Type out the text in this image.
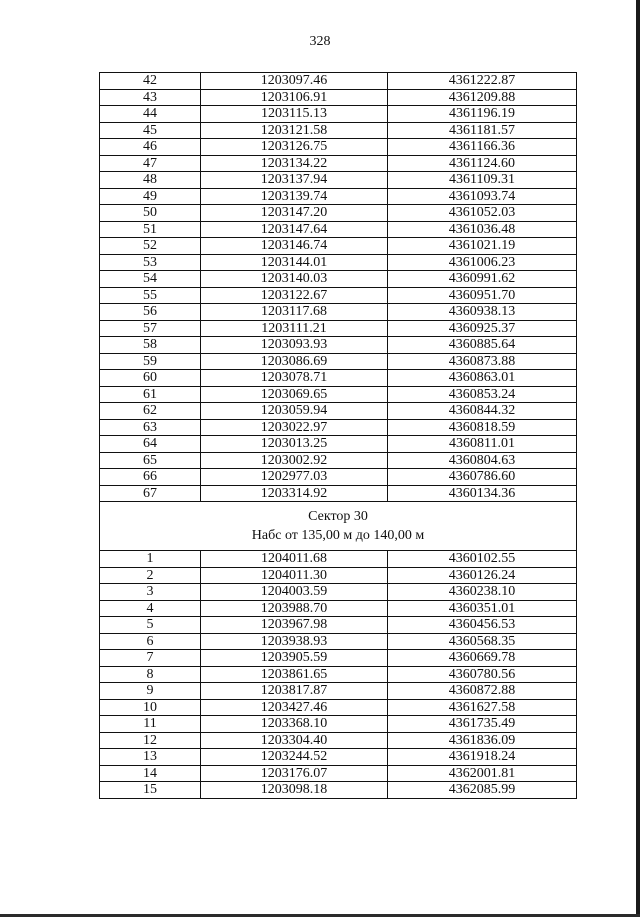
328
42	1203097.46	4361222.87
43	1203106.91	4361209.88
44	1203115.13	4361196.19
45	1203121.58	4361181.57
46	1203126.75	4361166.36
47	1203134.22	4361124.60
48	1203137.94	4361109.31
49	1203139.74	4361093.74
50	1203147.20	4361052.03
51	1203147.64	4361036.48
52	1203146.74	4361021.19
53	1203144.01	4361006.23
54	1203140.03	4360991.62
55	1203122.67	4360951.70
56	1203117.68	4360938.13
57	1203111.21	4360925.37
58	1203093.93	4360885.64
59	1203086.69	4360873.88
60	1203078.71	4360863.01
61	1203069.65	4360853.24
62	1203059.94	4360844.32
63	1203022.97	4360818.59
64	1203013.25	4360811.01
65	1203002.92	4360804.63
66	1202977.03	4360786.60
67	1203314.92	4360134.36

Сектор 30
Набс от 135,00 м до 140,00 м		

1	1204011.68	4360102.55
2	1204011.30	4360126.24
3	1204003.59	4360238.10
4	1203988.70	4360351.01
5	1203967.98	4360456.53
6	1203938.93	4360568.35
7	1203905.59	4360669.78
8	1203861.65	4360780.56
9	1203817.87	4360872.88
10	1203427.46	4361627.58
11	1203368.10	4361735.49
12	1203304.40	4361836.09
13	1203244.52	4361918.24
14	1203176.07	4362001.81
15	1203098.18	4362085.99
